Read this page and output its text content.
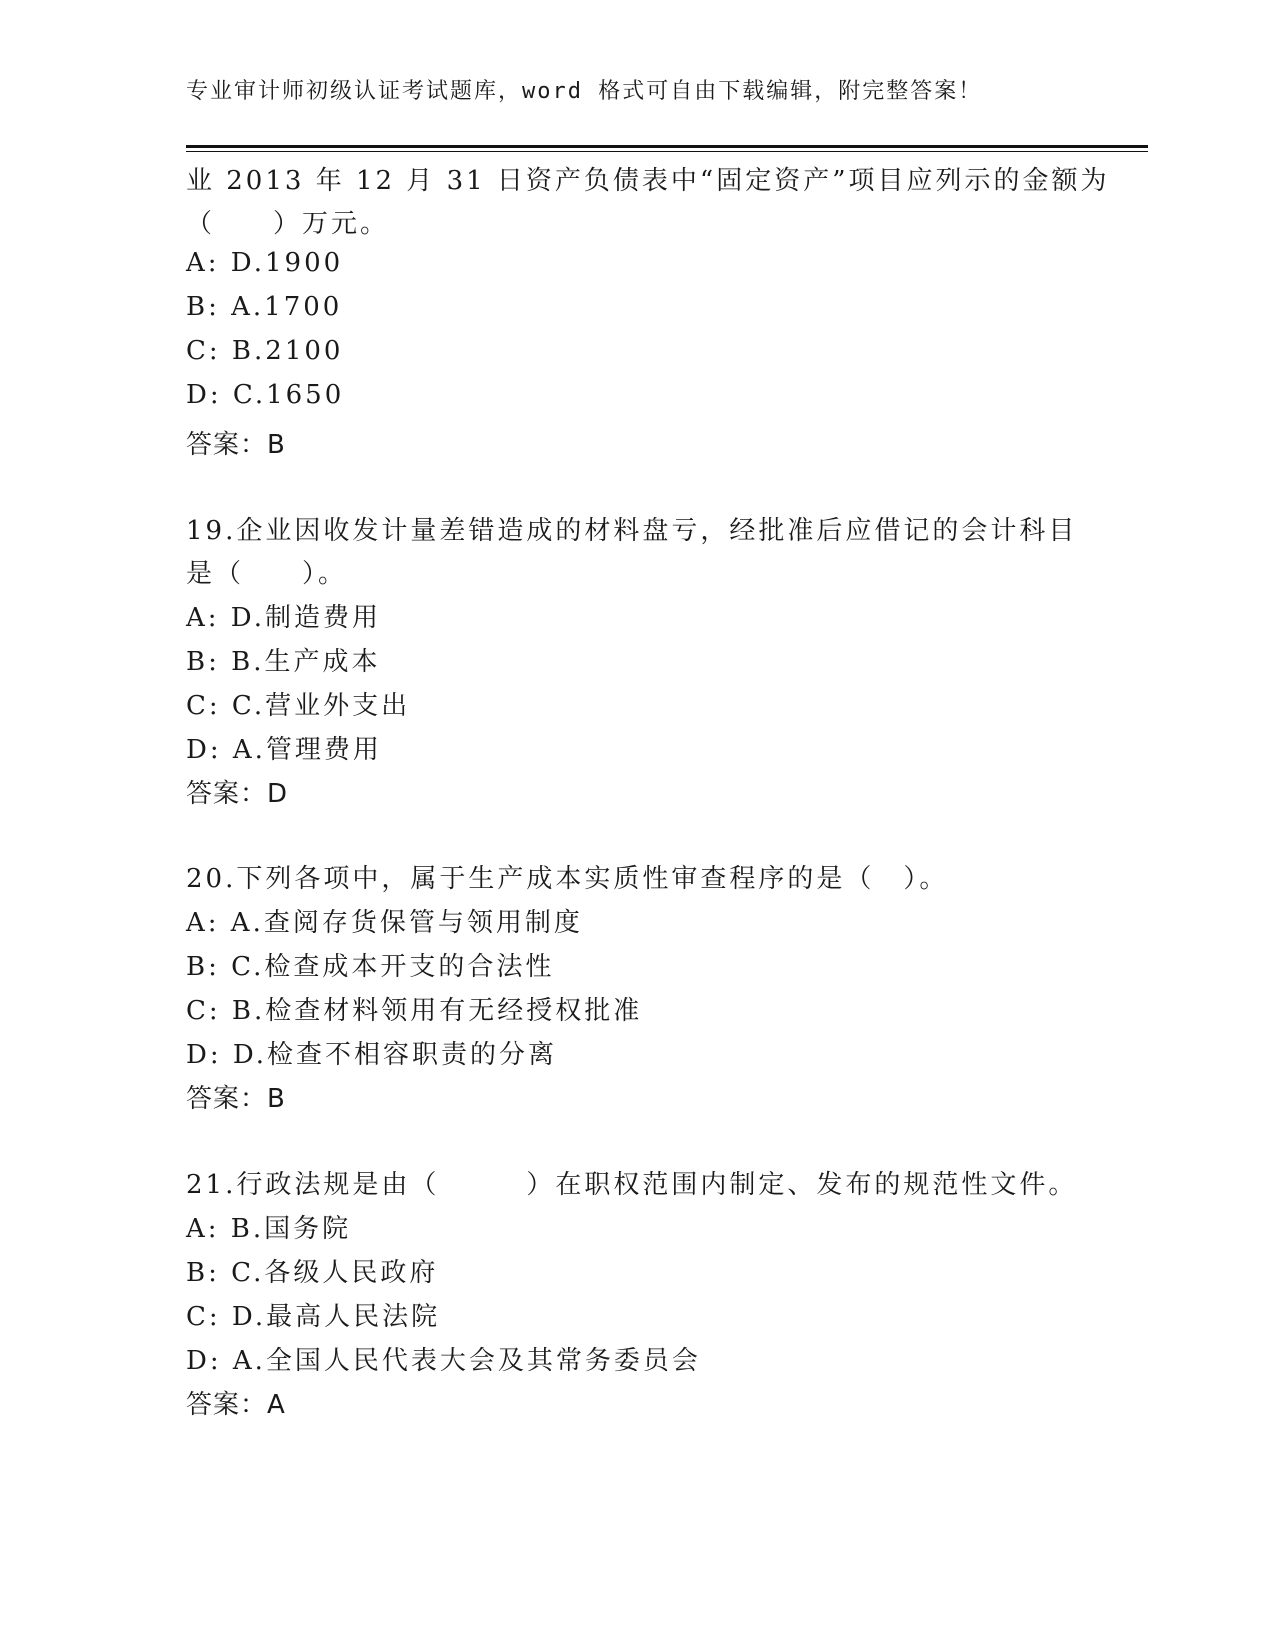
专业审计师初级认证考试题库，word 格式可自由下载编辑，附完整答案！
业 2013 年 12 月 31 日资产负债表中“固定资产”项目应列示的金额为
（　　）万元。
A: D.1900
B: A.1700
C: B.2100
D: C.1650
答案：B
19.企业因收发计量差错造成的材料盘亏，经批准后应借记的会计科目
是（　　）。
A: D.制造费用
B: B.生产成本
C: C.营业外支出
D: A.管理费用
答案：D
20.下列各项中，属于生产成本实质性审查程序的是（　）。
A: A.查阅存货保管与领用制度
B: C.检查成本开支的合法性
C: B.检查材料领用有无经授权批准
D: D.检查不相容职责的分离
答案：B
21.行政法规是由（　　　）在职权范围内制定、发布的规范性文件。
A: B.国务院
B: C.各级人民政府
C: D.最高人民法院
D: A.全国人民代表大会及其常务委员会
答案：A
